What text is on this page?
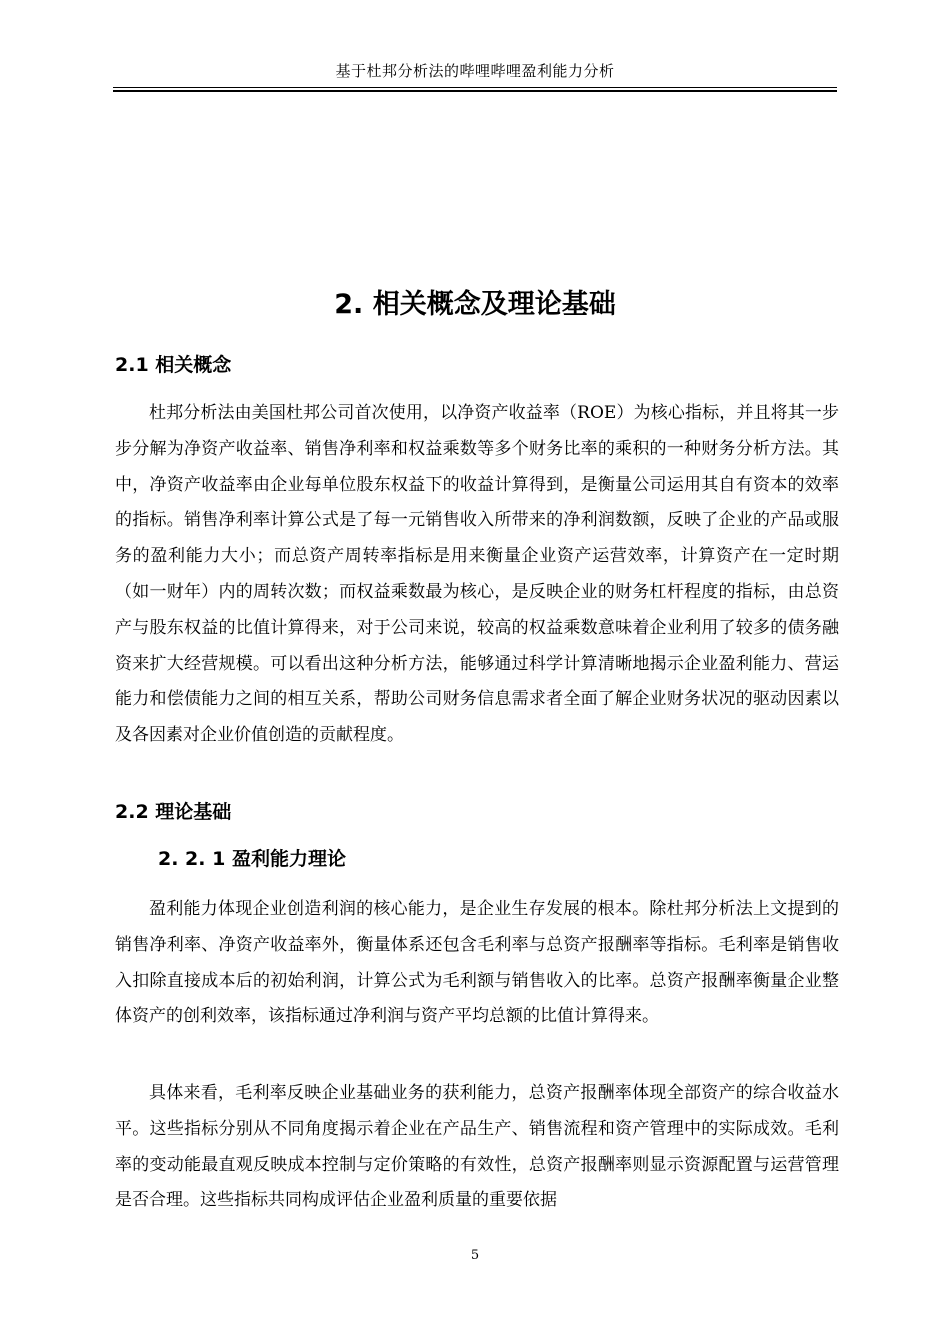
基于杜邦分析法的哔哩哔哩盈利能力分析
2. 相关概念及理论基础
2.1 相关概念

杜邦分析法由美国杜邦公司首次使用，以净资产收益率（ROE）为核心指标，并且将其一步步分解为净资产收益率、销售净利率和权益乘数等多个财务比率的乘积的一种财务分析方法。其中，净资产收益率由企业每单位股东权益下的收益计算得到，是衡量公司运用其自有资本的效率的指标。销售净利率计算公式是了每一元销售收入所带来的净利润数额，反映了企业的产品或服务的盈利能力大小；而总资产周转率指标是用来衡量企业资产运营效率，计算资产在一定时期（如一财年）内的周转次数；而权益乘数最为核心，是反映企业的财务杠杆程度的指标，由总资产与股东权益的比值计算得来，对于公司来说，较高的权益乘数意味着企业利用了较多的债务融资来扩大经营规模。可以看出这种分析方法，能够通过科学计算清晰地揭示企业盈利能力、营运能力和偿债能力之间的相互关系，帮助公司财务信息需求者全面了解企业财务状况的驱动因素以及各因素对企业价值创造的贡献程度。

2.2 理论基础
2. 2. 1 盈利能力理论

盈利能力体现企业创造利润的核心能力，是企业生存发展的根本。除杜邦分析法上文提到的销售净利率、净资产收益率外，衡量体系还包含毛利率与总资产报酬率等指标。毛利率是销售收入扣除直接成本后的初始利润，计算公式为毛利额与销售收入的比率。总资产报酬率衡量企业整体资产的创利效率，该指标通过净利润与资产平均总额的比值计算得来。

具体来看，毛利率反映企业基础业务的获利能力，总资产报酬率体现全部资产的综合收益水平。这些指标分别从不同角度揭示着企业在产品生产、销售流程和资产管理中的实际成效。毛利率的变动能最直观反映成本控制与定价策略的有效性，总资产报酬率则显示资源配置与运营管理是否合理。这些指标共同构成评估企业盈利质量的重要依据

5
